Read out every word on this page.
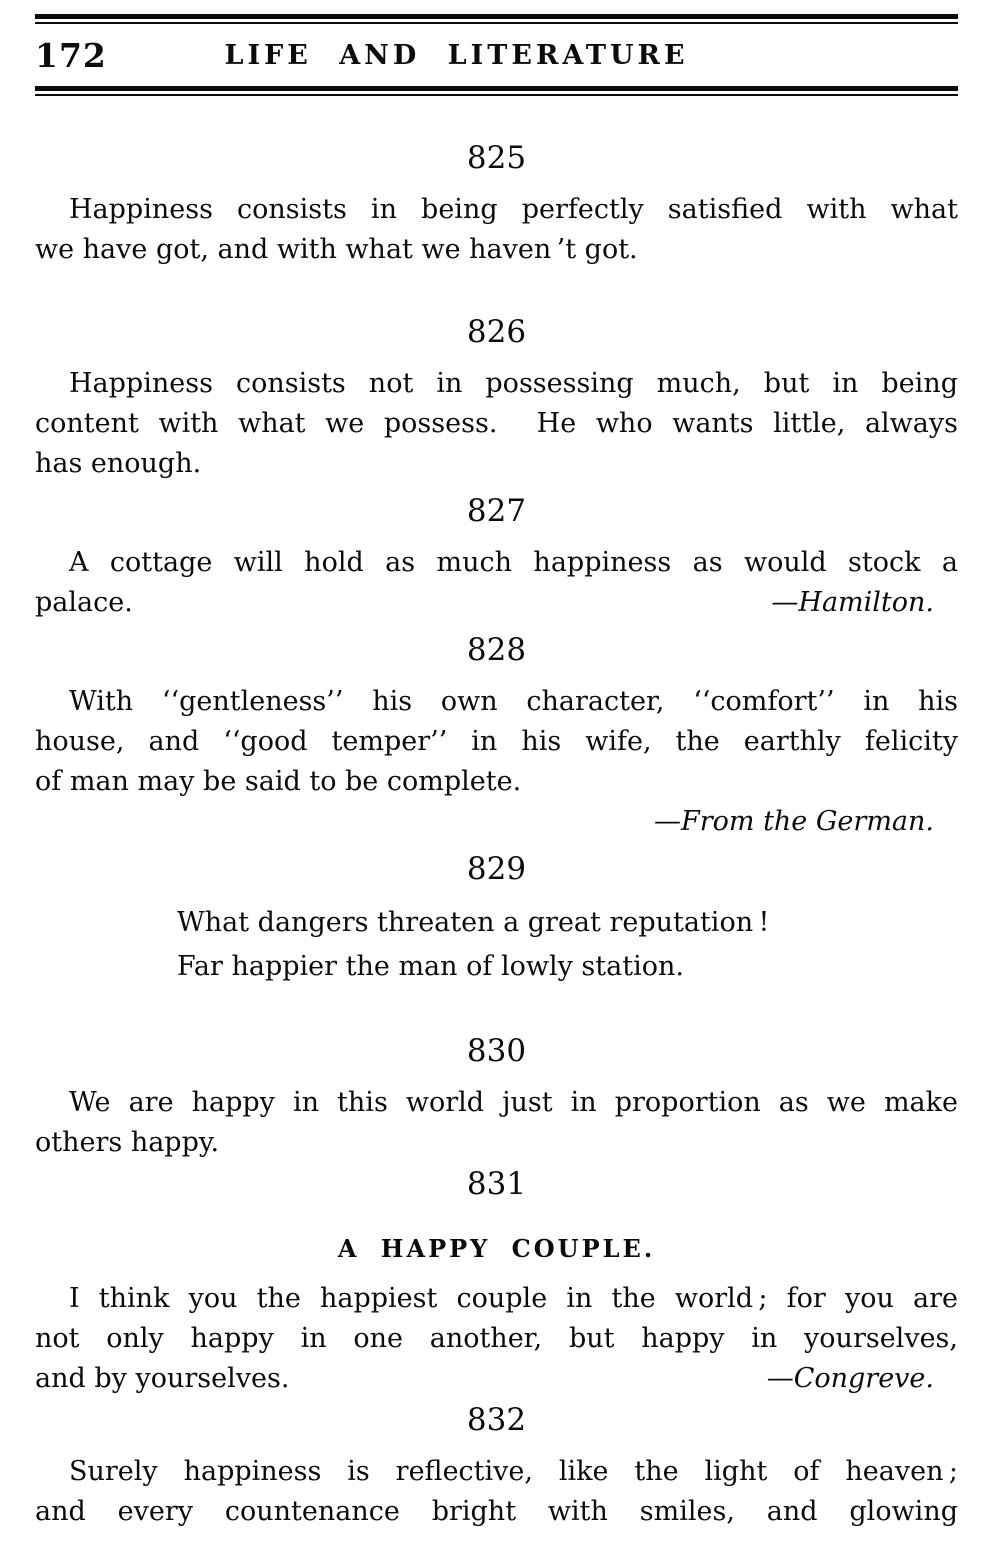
172	LIFE AND LITERATURE
825

Happiness consists in being perfectly satisfied with what

we have got, and with what we haven ’t got.

826

Happiness consists not in possessing much, but in being

content with what we possess.  He who wants little, always

has enough.

827

A cottage will hold as much happiness as would stock a

palace.	—Hamilton.

828

With ‘‘gentleness’’ his own character, ‘‘comfort’’ in his

house, and ‘‘good temper’’ in his wife, the earthly felicity

of man may be said to be complete.

—From the German.

829

What dangers threaten a great reputation !

Far happier the man of lowly station.

830

We are happy in this world just in proportion as we make

others happy.

831
A HAPPY COUPLE.

I think you the happiest couple in the world ; for you are

not only happy in one another, but happy in yourselves,

and by yourselves.	—Congreve.

832

Surely happiness is reflective, like the light of heaven ;

and every countenance bright with smiles, and glowing
